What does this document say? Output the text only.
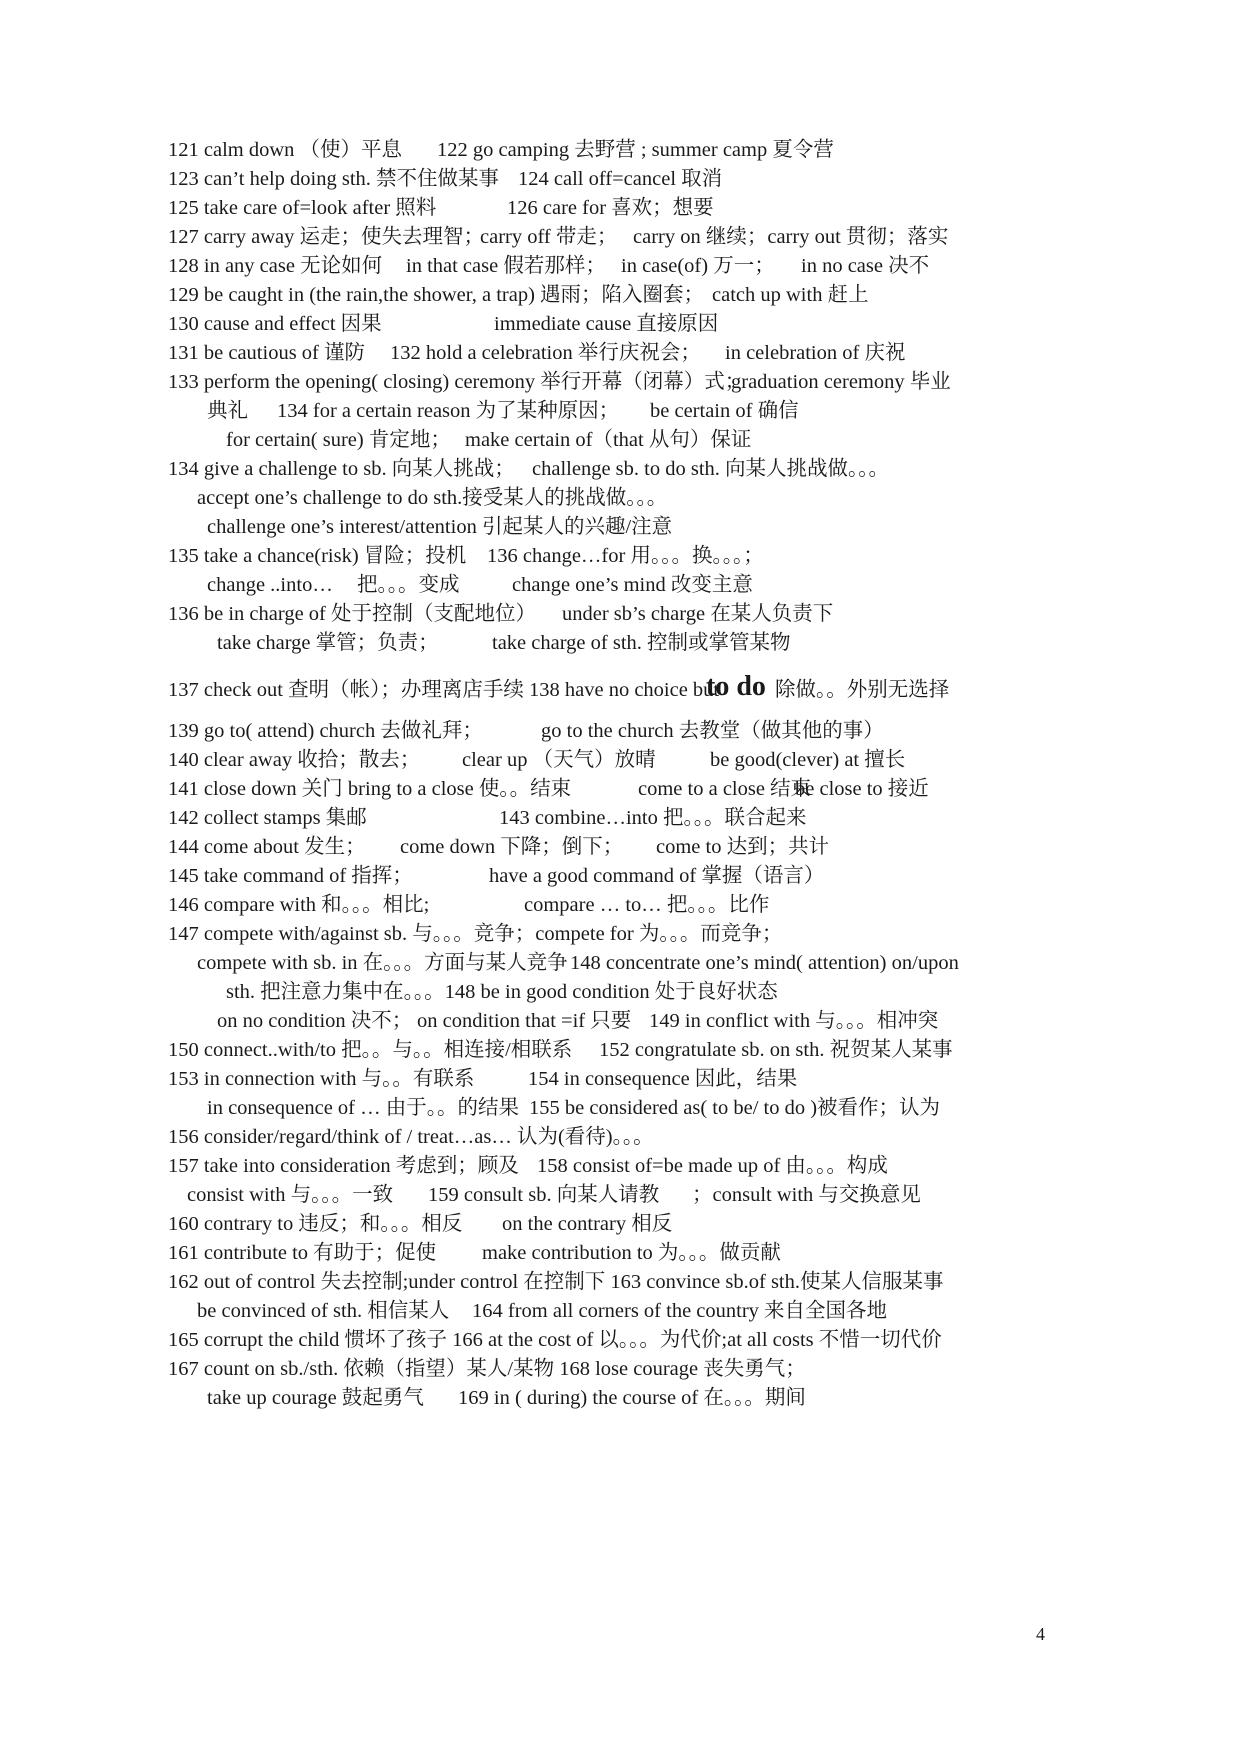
121 calm down （使）平息

122 go camping 去野营 ; summer camp 夏令营

123 can’t help doing sth. 禁不住做某事

124 call off=cancel 取消

125 take care of=look after 照料

	126 care for 喜欢；想要

127 carry away 运走；使失去理智；

carry off 带走；

carry on 继续；carry out 贯彻；落实

128 in any case 无论如何

in that case 假若那样；

in case(of) 万一；

in no case 决不

129 be caught in (the rain,the shower, a trap) 遇雨；陷入圈套；

catch up with 赶上

130 cause and effect 因果

	immediate cause 直接原因

131 be cautious of 谨防

132 hold a celebration 举行庆祝会；

in celebration of 庆祝

133 perform the opening( closing) ceremony 举行开幕（闭幕）式；

graduation ceremony 毕业

典礼

134 for a certain reason 为了某种原因；

be certain of 确信

for certain( sure) 肯定地；

make certain of（that 从句）保证

134 give a challenge to sb. 向某人挑战；

challenge sb. to do sth. 向某人挑战做。。。

accept one’s challenge to do sth.接受某人的挑战做。。。

challenge one’s interest/attention 引起某人的兴趣/注意

135 take a chance(risk) 冒险；投机

136 change…for 用。。。换。。。；

change ..into…

把。。。变成

	change one’s mind 改变主意

136 be in charge of 处于控制（支配地位）

under sb’s charge 在某人负责下

take charge 掌管；负责；

	take charge of sth. 控制或掌管某物

137 check out 查明（帐）；办理离店手续 138 have no choice but

to do

除做。。外别无选择

139 go to( attend) church 去做礼拜；

	go to the church 去教堂（做其他的事）

140 clear away 收拾；散去；

clear up （天气）放晴

	be good(clever) at 擅长

141 close down 关门 bring to a close 使。。结束

	come to a close 结束

be close to 接近

142 collect stamps 集邮

	143 combine…into 把。。。联合起来

144 come about 发生；

come down 下降；倒下；

come to 达到；共计

145 take command of 指挥；

	have a good command of 掌握（语言）

146 compare with 和。。。相比;

	compare … to… 把。。。比作

147 compete with/against sb. 与。。。竞争；compete for 为。。。而竞争；

compete with sb. in 在。。。方面与某人竞争

148 concentrate one’s mind( attention) on/upon

sth. 把注意力集中在。。。148 be in good condition 处于良好状态

on no condition 决不；

on condition that =if 只要

149 in conflict with 与。。。相冲突

150 connect..with/to 把。。与。。相连接/相联系

152 congratulate sb. on sth. 祝贺某人某事

153 in connection with 与。。有联系

	154 in consequence 因此，结果

in consequence of … 由于。。的结果

155 be considered as( to be/ to do )被看作；认为

156 consider/regard/think of / treat…as… 认为(看待)。。。

157 take into consideration 考虑到；顾及

158 consist of=be made up of 由。。。构成

consist with 与。。。一致

159 consult sb. 向某人请教

；consult with 与交换意见

160 contrary to 违反；和。。。相反

on the contrary 相反

161 contribute to 有助于；促使

make contribution to 为。。。做贡献

162 out of control 失去控制;under control 在控制下 163 convince sb.of sth.使某人信服某事

be convinced of sth. 相信某人

164 from all corners of the country 来自全国各地

165 corrupt the child 惯坏了孩子 166 at the cost of 以。。。为代价;at all costs 不惜一切代价

167 count on sb./sth. 依赖（指望）某人/某物 168 lose courage 丧失勇气；

take up courage 鼓起勇气

169 in ( during) the course of 在。。。期间

4
